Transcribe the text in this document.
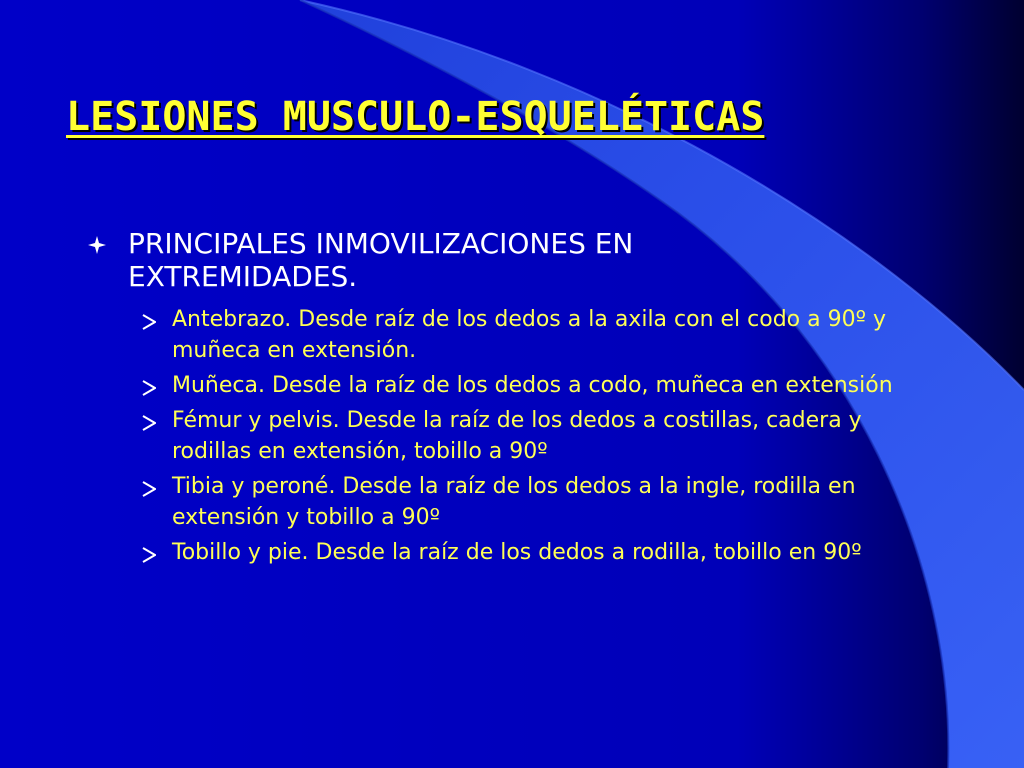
LESIONES MUSCULO-ESQUELÉTICAS

PRINCIPALES INMOVILIZACIONES EN EXTREMIDADES.

Antebrazo. Desde raíz de los dedos a la axila con el codo a 90º y muñeca en extensión.
Muñeca. Desde la raíz de los dedos a codo, muñeca en extensión
Fémur y pelvis. Desde la raíz de los dedos a costillas, cadera y rodillas en extensión, tobillo a 90º
Tibia y peroné. Desde la raíz de los dedos a la ingle, rodilla en extensión y tobillo a 90º
Tobillo y pie. Desde la raíz de los dedos a rodilla, tobillo en 90º
